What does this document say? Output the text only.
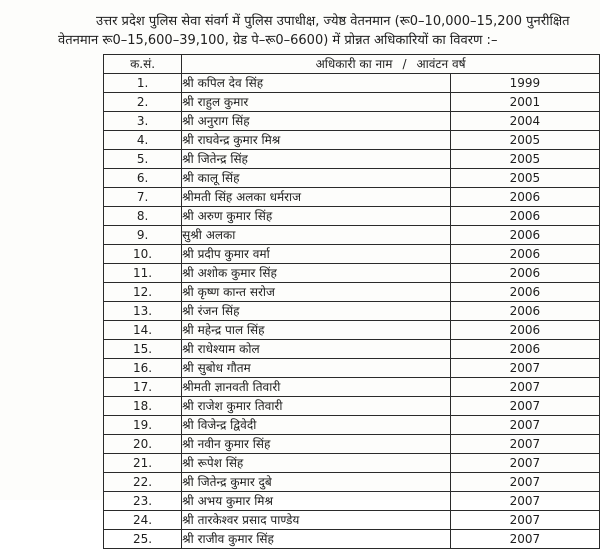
उत्तर प्रदेश पुलिस सेवा संवर्ग में पुलिस उपाधीक्ष, ज्येष्ठ वेतनमान (रू0–10,000–15,200 पुनरीक्षित
वेतनमान रू0–15,600–39,100, ग्रेड पे–रू0–6600) में प्रोन्नत अधिकारियों का विवरण :–
क.सं.	अधिकारी का नाम / आवंटन वर्ष	
1.	श्री कपिल देव सिंह	1999
2.	श्री राहुल कुमार	2001
3.	श्री अनुराग सिंह	2004
4.	श्री राघवेन्द्र कुमार मिश्र	2005
5.	श्री जितेन्द्र सिंह	2005
6.	श्री कालू सिंह	2005
7.	श्रीमती सिंह अलका धर्मराज	2006
8.	श्री अरुण कुमार सिंह	2006
9.	सुश्री अलका	2006
10.	श्री प्रदीप कुमार वर्मा	2006
11.	श्री अशोक कुमार सिंह	2006
12.	श्री कृष्ण कान्त सरोज	2006
13.	श्री रंजन सिंह	2006
14.	श्री महेन्द्र पाल सिंह	2006
15.	श्री राधेश्याम कोल	2006
16.	श्री सुबोध गौतम	2007
17.	श्रीमती ज्ञानवती तिवारी	2007
18.	श्री राजेश कुमार तिवारी	2007
19.	श्री विजेन्द्र द्विवेदी	2007
20.	श्री नवीन कुमार सिंह	2007
21.	श्री रूपेश सिंह	2007
22.	श्री जितेन्द्र कुमार दुबे	2007
23.	श्री अभय कुमार मिश्र	2007
24.	श्री तारकेश्वर प्रसाद पाण्डेय	2007
25.	श्री राजीव कुमार सिंह	2007
